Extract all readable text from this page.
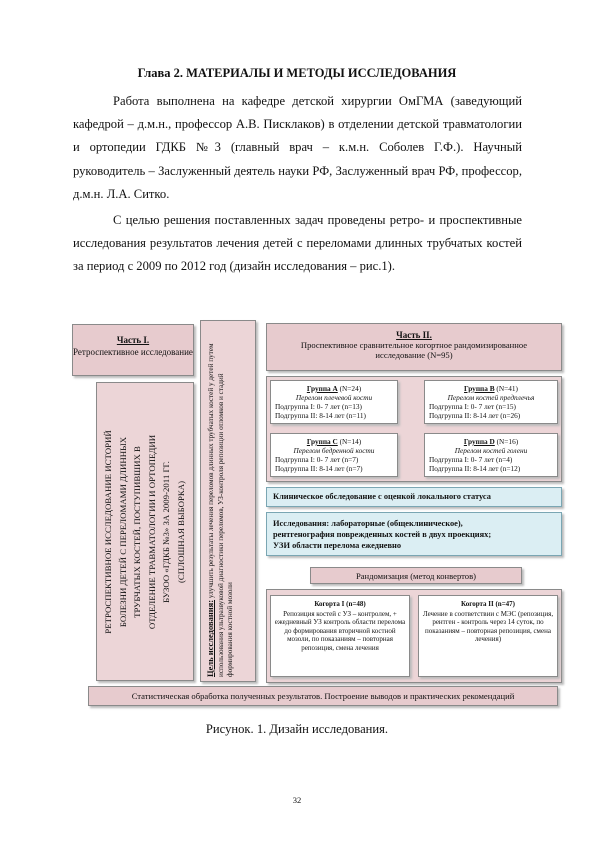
Глава 2. МАТЕРИАЛЫ И МЕТОДЫ ИССЛЕДОВАНИЯ

Работа выполнена на кафедре детской хирургии ОмГМА (заведующий кафедрой – д.м.н., профессор А.В. Писклаков) в отделении детской травматологии и ортопедии ГДКБ №3 (главный врач – к.м.н. Соболев Г.Ф.). Научный руководитель – Заслуженный деятель науки РФ, Заслуженный врач РФ, профессор, д.м.н. Л.А. Ситко.

С целью решения поставленных задач проведены ретро- и проспективные исследования результатов лечения детей с переломами длинных трубчатых костей за период с 2009 по 2012 год (дизайн исследования – рис.1).

Часть I.
Ретроспективное исследование
РЕТРОСПЕКТИВНОЕ ИССЛЕДОВАНИЕ ИСТОРИЙ БОЛЕЗНИ ДЕТЕЙ С ПЕРЕЛОМАМИ ДЛИННЫХ ТРУБЧАТЫХ КОСТЕЙ, ПОСТУПИВШИХ В ОТДЕЛЕНИЕ ТРАВМАТОЛОГИИ И ОРТОПЕДИИ БУЗОО «ГДКБ №3» ЗА 2009-2011 ГГ. (СПЛОШНАЯ ВЫБОРКА)
Цель исследования: улучшить результаты лечения переломов длинных трубчатых костей у детей путем использования ультразвуковой диагностики переломов, УЗ-контроля репозиции отломков и стадий формирования костной мозоли
Часть II.
Проспективное сравнительное когортное рандомизированное исследование (N=95)
Группа А (N=24)
Перелом плечевой кости
Подгруппа I: 0- 7 лет (n=13)
Подгруппа II: 8-14 лет (n=11)
Группа В (N=41)
Перелом костей предплечья
Подгруппа I: 0- 7 лет (n=15)
Подгруппа II: 8-14 лет (n=26)
Группа С (N=14)
Перелом бедренной кости
Подгруппа I: 0- 7 лет (n=7)
Подгруппа II: 8-14 лет (n=7)
Группа D (N=16)
Перелом костей голени
Подгруппа I: 0- 7 лет (n=4)
Подгруппа II: 8-14 лет (n=12)
Клиническое обследование с оценкой локального статуса
Исследования: лабораторные (общеклиническое),
рентгенография поврежденных костей в двух проекциях;
УЗИ области перелома ежедневно
Рандомизация (метод конвертов)
Когорта I (n=48)
Репозиция костей с УЗ – контролем, + ежедневный УЗ контроль области перелома до формирования вторичной костной мозоли, по показаниям – повторная репозиция, смена лечения
Когорта II (n=47)
Лечение в соответствии с МЭС (репозиция, рентген - контроль через 14 суток, по показаниям – повторная репозиция, смена лечения)
Статистическая обработка полученных результатов. Построение выводов и практических рекомендаций
Рисунок. 1. Дизайн исследования.
32
